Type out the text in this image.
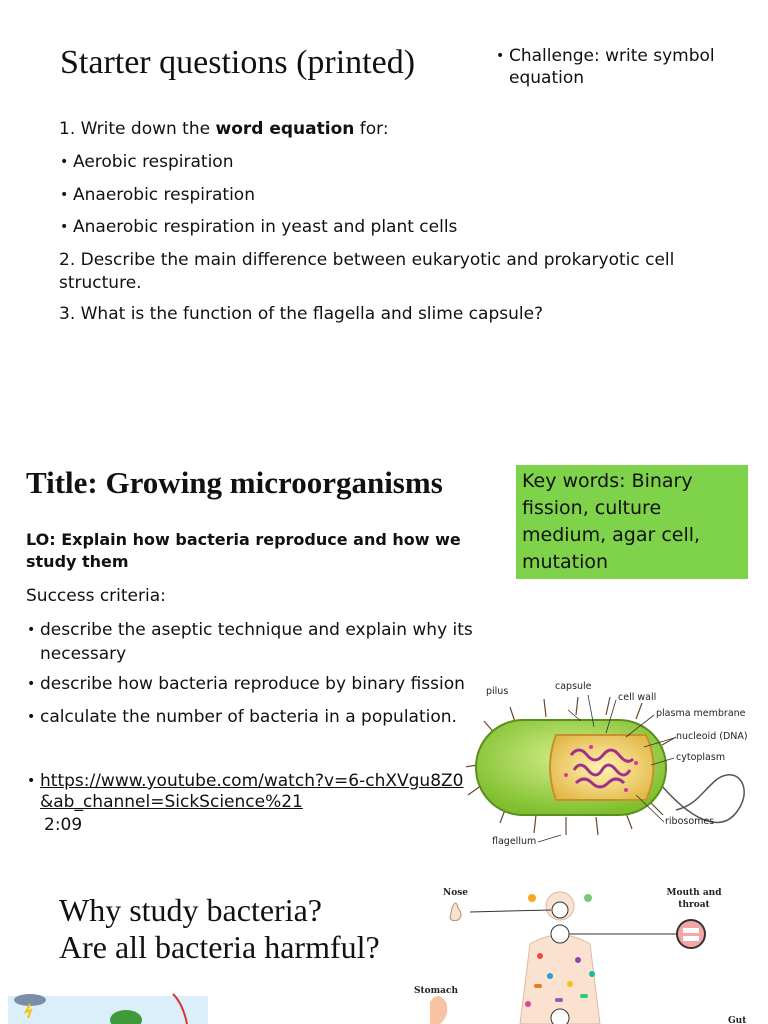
Starter questions (printed)	• Challenge: write symbol equation
1. Write down the word equation for:
• Aerobic respiration
• Anaerobic respiration
• Anaerobic respiration in yeast and plant cells
2. Describe the main difference between eukaryotic and prokaryotic cell structure.
3. What is the function of the flagella and slime capsule?
Title: Growing microorganisms	Key words: Binary fission, culture medium, agar cell, mutation
LO: Explain how bacteria reproduce and how we study them
Success criteria:
• describe the aseptic technique and explain why its necessary
• describe how bacteria reproduce by binary fission
• calculate the number of bacteria in a population.
• https://www.youtube.com/watch?v=6-chXVgu8Z0
&ab_channel=SickScience%21
2:09
pilus	capsule
cell wall
plasma membrane
nucleoid (DNA)
cytoplasm
ribosomes
flagellum
Why study bacteria?
Are all bacteria harmful?
Nose	Mouth and throat
Stomach
Gut
